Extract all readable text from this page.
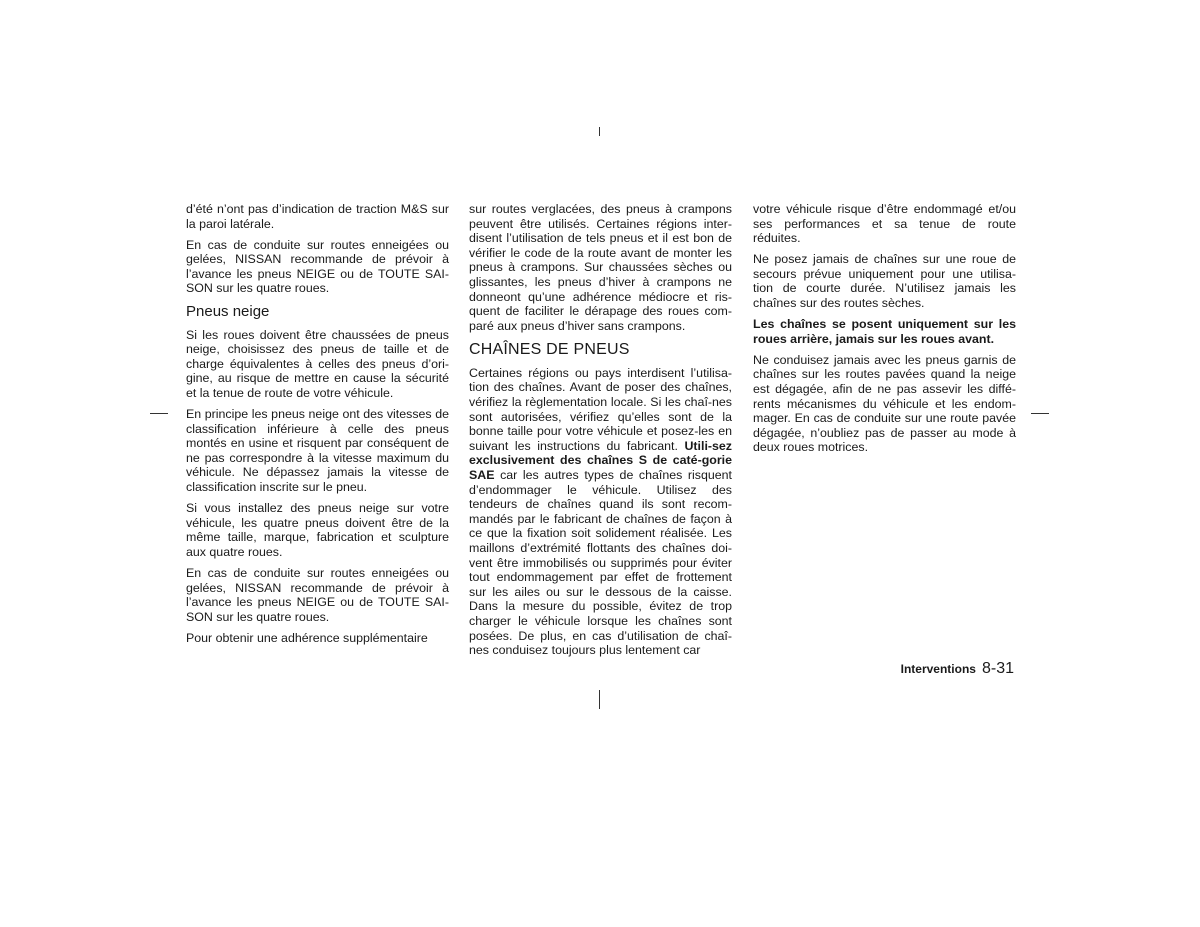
d’été n’ont pas d’indication de traction M&S sur la paroi latérale.

En cas de conduite sur routes enneigées ou gelées, NISSAN recommande de prévoir à l’avance les pneus NEIGE ou de TOUTE SAI-SON sur les quatre roues.

Pneus neige

Si les roues doivent être chaussées de pneus neige, choisissez des pneus de taille et de charge équivalentes à celles des pneus d’ori-gine, au risque de mettre en cause la sécurité et la tenue de route de votre véhicule.

En principe les pneus neige ont des vitesses de classification inférieure à celle des pneus montés en usine et risquent par conséquent de ne pas correspondre à la vitesse maximum du véhicule. Ne dépassez jamais la vitesse de classification inscrite sur le pneu.

Si vous installez des pneus neige sur votre véhicule, les quatre pneus doivent être de la même taille, marque, fabrication et sculpture aux quatre roues.

En cas de conduite sur routes enneigées ou gelées, NISSAN recommande de prévoir à l’avance les pneus NEIGE ou de TOUTE SAI-SON sur les quatre roues.

Pour obtenir une adhérence supplémentaire

sur routes verglacées, des pneus à crampons peuvent être utilisés. Certaines régions inter-disent l’utilisation de tels pneus et il est bon de vérifier le code de la route avant de monter les pneus à crampons. Sur chaussées sèches ou glissantes, les pneus d’hiver à crampons ne donneont qu’une adhérence médiocre et ris-quent de faciliter le dérapage des roues com-paré aux pneus d’hiver sans crampons.

CHAÎNES DE PNEUS

Certaines régions ou pays interdisent l’utilisa-tion des chaînes. Avant de poser des chaînes, vérifiez la règlementation locale. Si les chaî-nes sont autorisées, vérifiez qu’elles sont de la bonne taille pour votre véhicule et posez-les en suivant les instructions du fabricant. Utili-sez exclusivement des chaînes S de caté-gorie SAE car les autres types de chaînes risquent d’endommager le véhicule. Utilisez des tendeurs de chaînes quand ils sont recom-mandés par le fabricant de chaînes de façon à ce que la fixation soit solidement réalisée. Les maillons d’extrémité flottants des chaînes doi-vent être immobilisés ou supprimés pour éviter tout endommagement par effet de frottement sur les ailes ou sur le dessous de la caisse. Dans la mesure du possible, évitez de trop charger le véhicule lorsque les chaînes sont posées. De plus, en cas d’utilisation de chaî-nes conduisez toujours plus lentement car

votre véhicule risque d’être endommagé et/ou ses performances et sa tenue de route réduites.

Ne posez jamais de chaînes sur une roue de secours prévue uniquement pour une utilisa-tion de courte durée. N’utilisez jamais les chaînes sur des routes sèches.

Les chaînes se posent uniquement sur les roues arrière, jamais sur les roues avant.

Ne conduisez jamais avec les pneus garnis de chaînes sur les routes pavées quand la neige est dégagée, afin de ne pas assevir les diffé-rents mécanismes du véhicule et les endom-mager. En cas de conduite sur une route pavée dégagée, n’oubliez pas de passer au mode à deux roues motrices.

Interventions 8-31
